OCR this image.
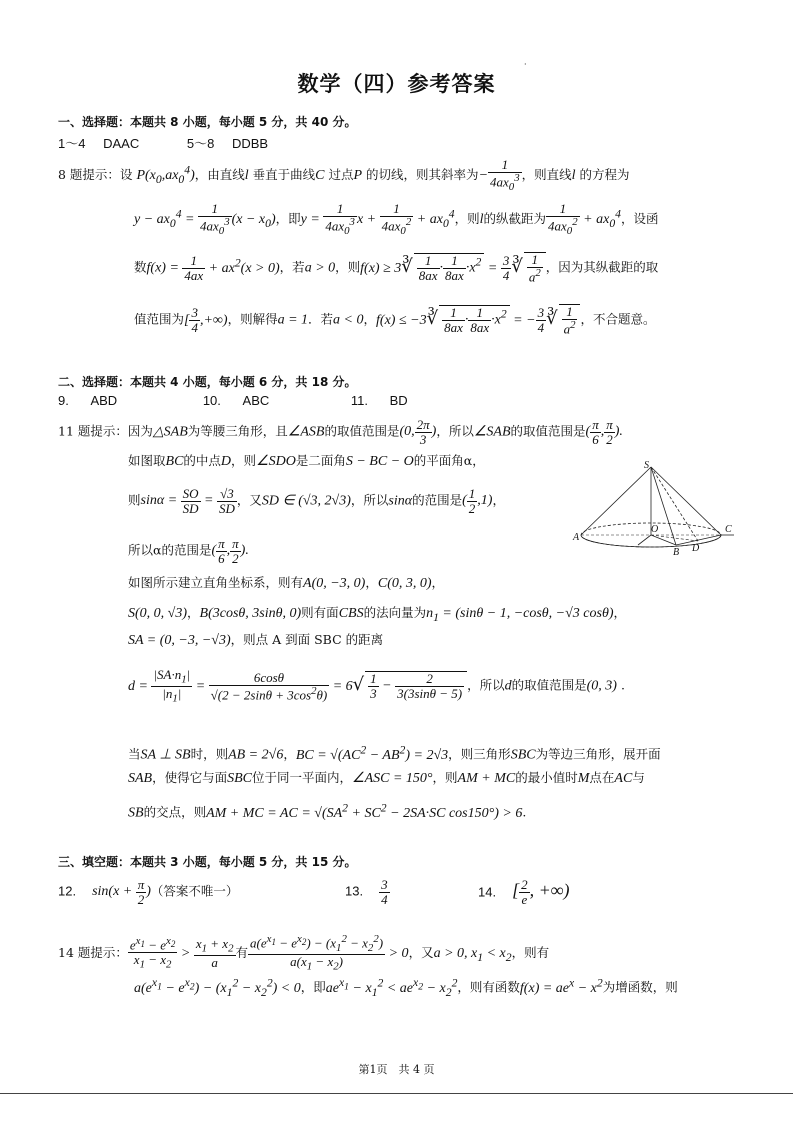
数学（四）参考答案
·
一、选择题：本题共 8 小题，每小题 5 分，共 40 分。
1～4 DAAC	5～8 DDBB
8 题提示：设 $P(x_0,ax_0^4)$，由直线l 垂直于曲线C 过点P 的切线，则其斜率为− $\frac{1}{4ax_0^3}$ ，则直线l 的方程为
$y - ax_0^4 = \frac{1}{4ax_0^3} (x - x_0)$，即$y = \frac{1}{4ax_0^3}$ $x + \frac{1}{4ax_0^2} + ax_0^4$，则l的纵截距为 $\frac{1}{4ax_0^2} + ax_0^4$，设函
数$f(x) = \frac{1}{4ax} + ax^2(x > 0)$，若a > 0，则f(x) ≥ 3∛ $\frac{1}{8ax} \cdot \frac{1}{8ax} \cdot x^2 = \frac{3}{4}$ ∛ $\frac{1}{a^2}$ ，因为其纵截距的取
值范围为[ $\frac{3}{4}$ ,+∞)，则解得a = 1．若a < 0，f(x) ≤ −3∛ $\frac{1}{8ax} \cdot \frac{1}{8ax} \cdot x^2$ = − $\frac{3}{4}$ ∛ $\frac{1}{a^2}$ ，不合题意。
二、选择题：本题共 4 小题，每小题 6 分，共 18 分。
9. ABD	10. ABC	11. BD
11 题提示：因为△SAB为等腰三角形，且∠ASB的取值范围是(0, $\frac{2\pi}{3}$ )，所以∠SAB的取值范围是( $\frac{\pi}{6}$ , $\frac{\pi}{2}$ ).
如图取BC的中点D，则∠SDO是二面角S − BC − O的平面角α，
则$\sin\alpha = \frac{SO}{SD} = \frac{√3}{SD}$ ，又SD ∈ (√3, 2√3)，所以sinα的范围是( $\frac{1}{2} ,1$)，
所以α的范围是( $\frac{\pi}{6}$ , $\frac{\pi}{2}$ ).
如图所示建立直角坐标系，则有A(0, −3, 0)，C(0, 3, 0)，
S(0, 0, √3)，B(3cosθ, 3sinθ, 0)则有面CBS的法向量为$n_1 = (\sin\theta - 1$, −cosθ, −√3 cosθ)，
SA = (0, −3, −√3)，则点 A 到面 SBC 的距离
$d = \frac{|SA\cdot n_1|}{|n_1|} = \frac{6\cos\theta}{√(2 - 2\sin\theta + 3\cos^2\theta)} = 6√ \frac{1}{3} - \frac{2}{3(3\sin\theta - 5)}$ ，所以d的取值范围是(0, 3) .
当SA ⊥ SB时，则AB = 2√6，BC = $√(AC^2 - AB^2) = 2√3$，则三角形SBC为等边三角形，展开面
SAB，使得它与面SBC位于同一平面内，∠ASC = 150°，则AM + MC的最小值时M点在AC与
SB的交点，则AM + MC = AC = $√(SA^2 + SC^2 - 2SA\cdot SC$ cos150°) > 6.
S
O
A
B D
C
三、填空题：本题共 3 小题，每小题 5 分，共 15 分。
12. $\sin(x + \frac{\pi}{2}$ )（答案不唯一）	13. $\frac{3}{4}$	14. [ $\frac{2}{e}$ , +∞)
14 题提示： $\frac{e^{x_1} - e^{x_2}}{x_1 - x_2} > \frac{x_1 + x_2}{a}$ 有 $\frac{a(e^{x_1} - e^{x_2}) - (x_1^2 - x_2^2)}{a(x_1 - x_2)} > 0$，又a > 0, $x_1 < x_2$，则有
$a(e^{x_1} - e^{x_2}) - (x_1^2 - x_2^2) < 0$，即$ae^{x_1} - x_1^2 < ae^{x_2} - x_2^2$，则有函数$f(x) = ae^x - x^2$为增函数，则
第1页　共 4 页
